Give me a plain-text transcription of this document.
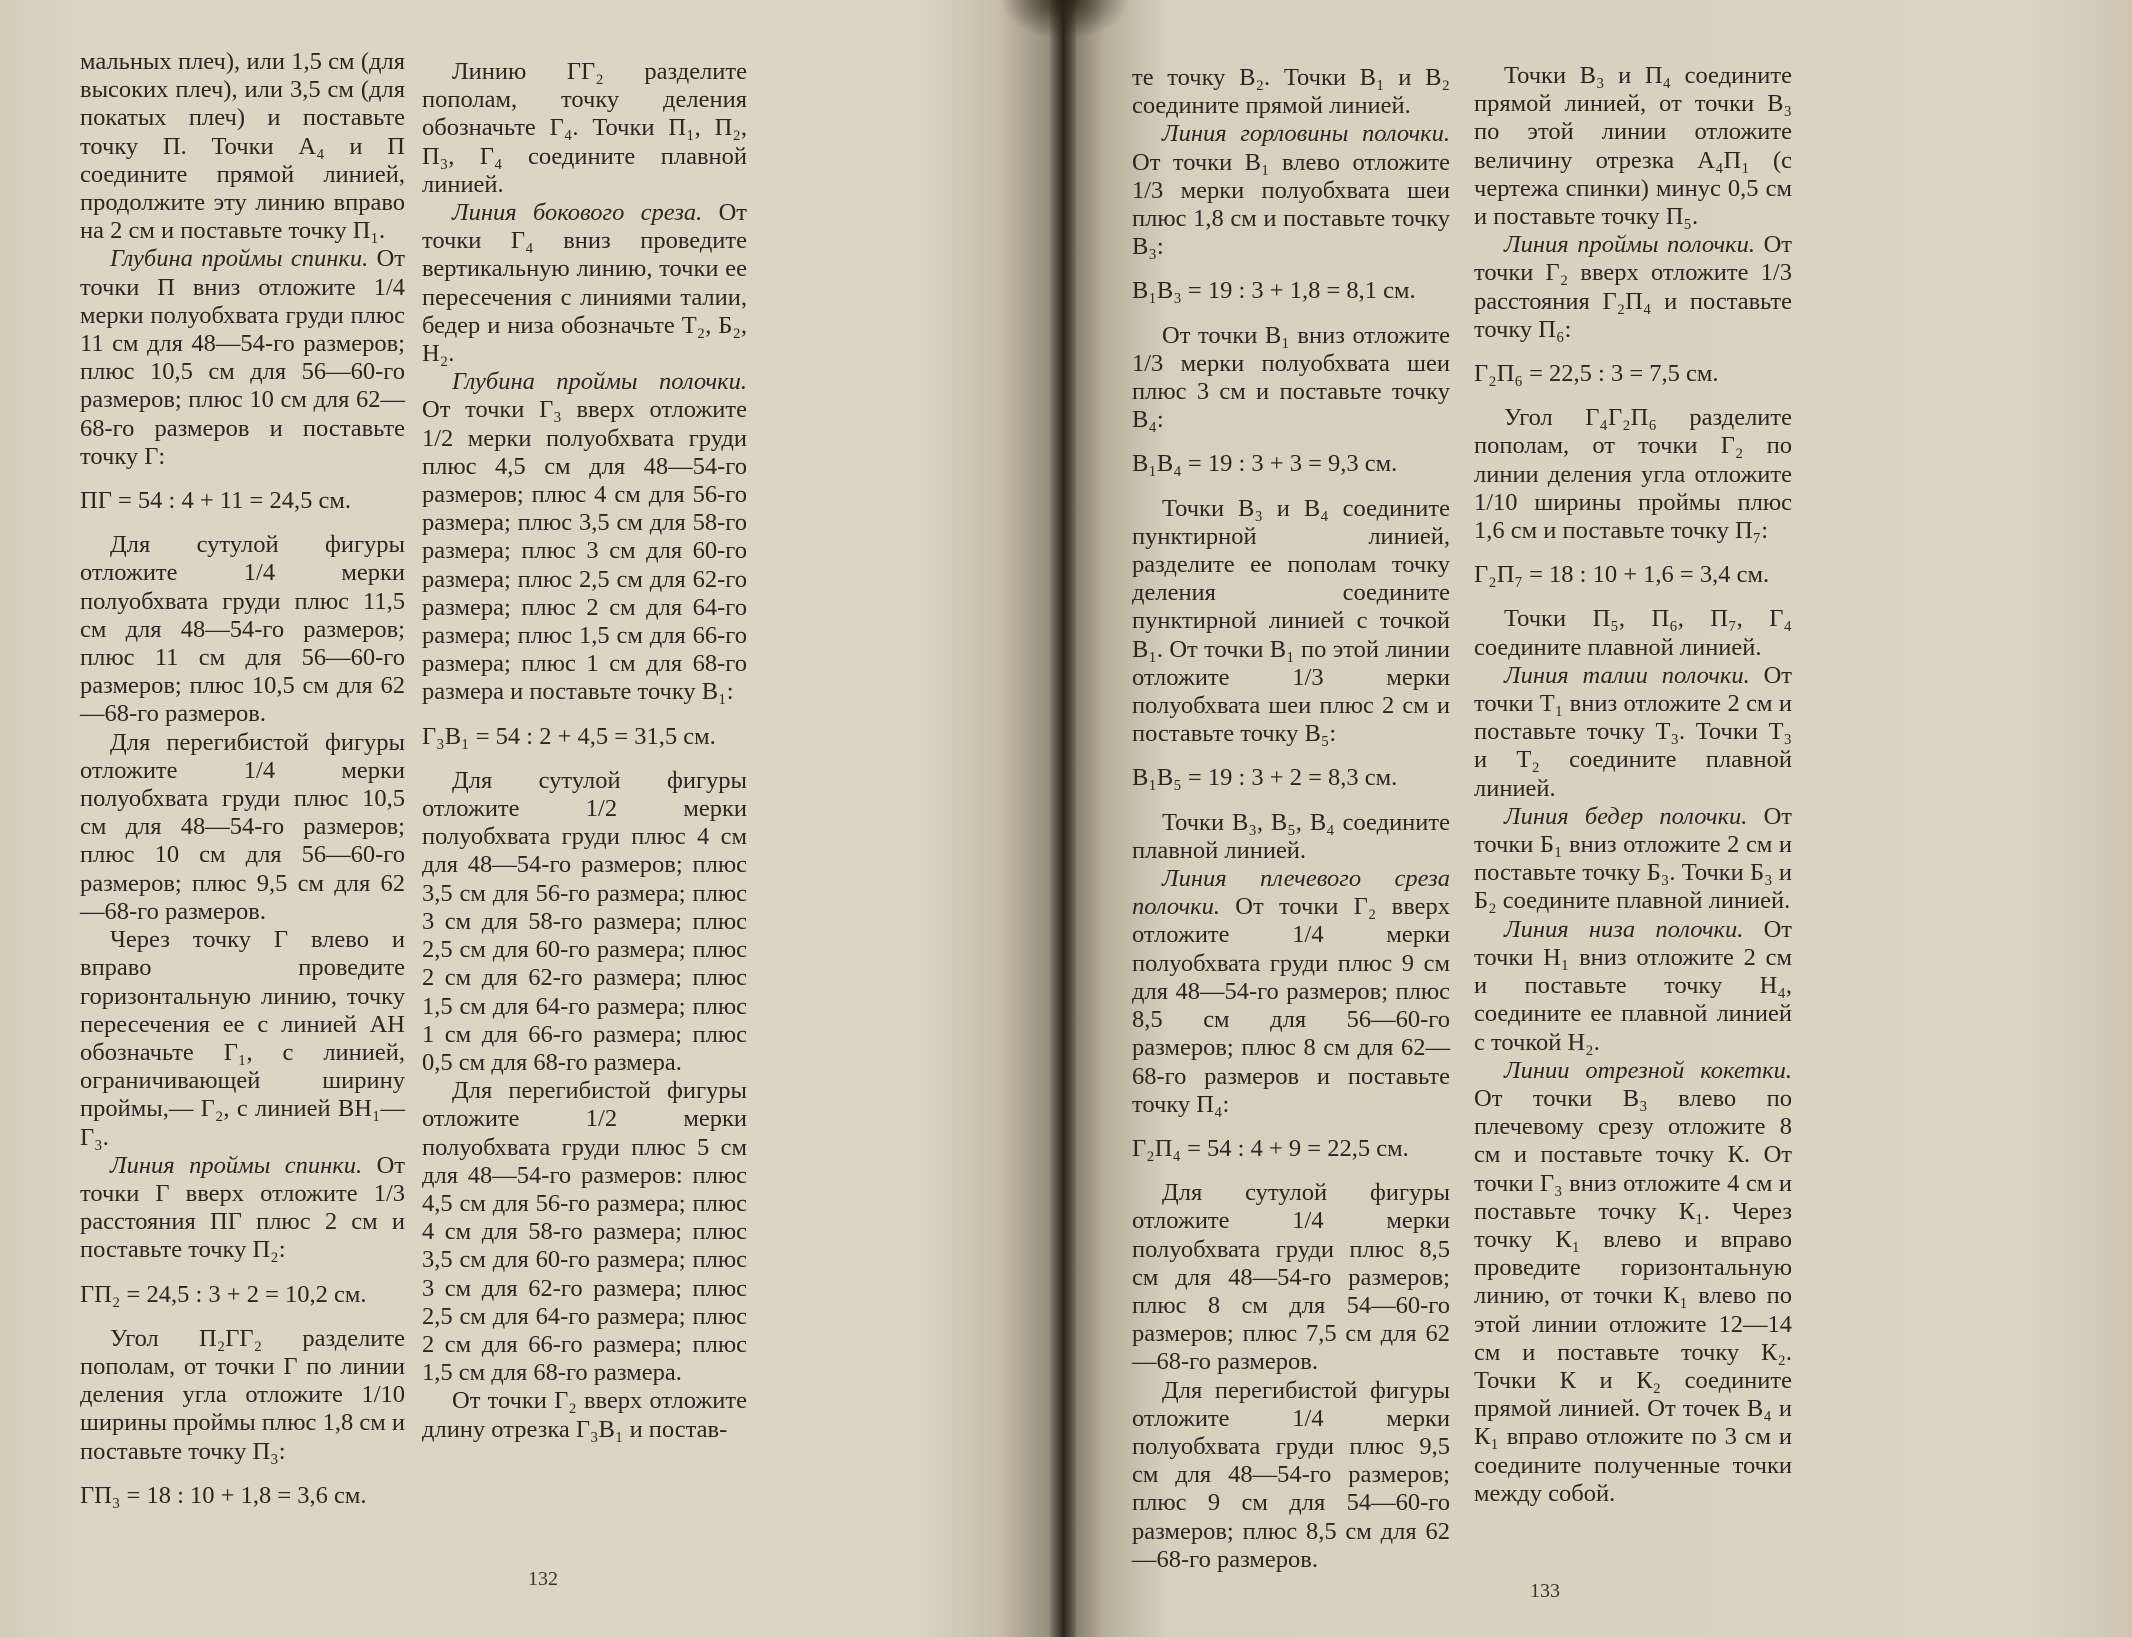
мальных плеч), или 1,5 см (для высоких плеч), или 3,5 см (для покатых плеч) и поставьте точку П. Точки А₄ и П соедините прямой линией, продолжите эту линию вправо на 2 см и поставьте точку П₁.

Глубина проймы спинки. От точки П вниз отложите 1/4 мерки полуобхвата груди плюс 11 см для 48—54-го размеров; плюс 10,5 см для 56—60-го размеров; плюс 10 см для 62—68-го размеров и поставьте точку Г:

ПГ = 54 : 4 + 11 = 24,5 см.

Для сутулой фигуры отложите 1/4 мерки полуобхвата груди плюс 11,5 см для 48—54-го размеров; плюс 11 см для 56—60-го размеров; плюс 10,5 см для 62—68-го размеров.

Для перегибистой фигуры отложите 1/4 мерки полуобхвата груди плюс 10,5 см для 48—54-го размеров; плюс 10 см для 56—60-го размеров; плюс 9,5 см для 62—68-го размеров.

Через точку Г влево и вправо проведите горизонтальную линию, точку пересечения ее с линией АН обозначьте Г₁, с линией, ограничивающей ширину проймы,— Г₂, с линией ВН₁—Г₃.

Линия проймы спинки. От точки Г вверх отложите 1/3 расстояния ПГ плюс 2 см и поставьте точку П₂:

ГП₂ = 24,5 : 3 + 2 = 10,2 см.

Угол П₂ГГ₂ разделите пополам, от точки Г по линии деления угла отложите 1/10 ширины проймы плюс 1,8 см и поставьте точку П₃:

ГП₃ = 18 : 10 + 1,8 = 3,6 см.

Линию ГГ₂ разделите пополам, точку деления обозначьте Г₄. Точки П₁, П₂, П₃, Г₄ соедините плавной линией.

Линия бокового среза. От точки Г₄ вниз проведите вертикальную линию, точки ее пересечения с линиями талии, бедер и низа обозначьте Т₂, Б₂, Н₂.

Глубина проймы полочки. От точки Г₃ вверх отложите 1/2 мерки полуобхвата груди плюс 4,5 см для 48—54-го размеров; плюс 4 см для 56-го размера; плюс 3,5 см для 58-го размера; плюс 3 см для 60-го размера; плюс 2,5 см для 62-го размера; плюс 2 см для 64-го размера; плюс 1,5 см для 66-го размера; плюс 1 см для 68-го размера и поставьте точку В₁:

Г₃В₁ = 54 : 2 + 4,5 = 31,5 см.

Для сутулой фигуры отложите 1/2 мерки полуобхвата груди плюс 4 см для 48—54-го размеров; плюс 3,5 см для 56-го размера; плюс 3 см для 58-го размера; плюс 2,5 см для 60-го размера; плюс 2 см для 62-го размера; плюс 1,5 см для 64-го размера; плюс 1 см для 66-го размера; плюс 0,5 см для 68-го размера.

Для перегибистой фигуры отложите 1/2 мерки полуобхвата груди плюс 5 см для 48—54-го размеров: плюс 4,5 см для 56-го размера; плюс 4 см для 58-го размера; плюс 3,5 см для 60-го размера; плюс 3 см для 62-го размера; плюс 2,5 см для 64-го размера; плюс 2 см для 66-го размера; плюс 1,5 см для 68-го размера.

От точки Г₂ вверх отложите длину отрезка Г₃В₁ и постав-

132

те точку В₂. Точки В₁ и В₂ соедините прямой линией.

Линия горловины полочки. От точки В₁ влево отложите 1/3 мерки полуобхвата шеи плюс 1,8 см и поставьте точку В₃:

В₁В₃ = 19 : 3 + 1,8 = 8,1 см.

От точки В₁ вниз отложите 1/3 мерки полуобхвата шеи плюс 3 см и поставьте точку В₄:

В₁В₄ = 19 : 3 + 3 = 9,3 см.

Точки В₃ и В₄ соедините пунктирной линией, разделите ее пополам точку деления соедините пунктирной линией с точкой В₁. От точки В₁ по этой линии отложите 1/3 мерки полуобхвата шеи плюс 2 см и поставьте точку В₅:

В₁В₅ = 19 : 3 + 2 = 8,3 см.

Точки В₃, В₅, В₄ соедините плавной линией.

Линия плечевого среза полочки. От точки Г₂ вверх отложите 1/4 мерки полуобхвата груди плюс 9 см для 48—54-го размеров; плюс 8,5 см для 56—60-го размеров; плюс 8 см для 62—68-го размеров и поставьте точку П₄:

Г₂П₄ = 54 : 4 + 9 = 22,5 см.

Для сутулой фигуры отложите 1/4 мерки полуобхвата груди плюс 8,5 см для 48—54-го размеров; плюс 8 см для 54—60-го размеров; плюс 7,5 см для 62—68-го размеров.

Для перегибистой фигуры отложите 1/4 мерки полуобхвата груди плюс 9,5 см для 48—54-го размеров; плюс 9 см для 54—60-го размеров; плюс 8,5 см для 62—68-го размеров.

Точки В₃ и П₄ соедините прямой линией, от точки В₃ по этой линии отложите величину отрезка А₄П₁ (с чертежа спинки) минус 0,5 см и поставьте точку П₅.

Линия проймы полочки. От точки Г₂ вверх отложите 1/3 расстояния Г₂П₄ и поставьте точку П₆:

Г₂П₆ = 22,5 : 3 = 7,5 см.

Угол Г₄Г₂П₆ разделите пополам, от точки Г₂ по линии деления угла отложите 1/10 ширины проймы плюс 1,6 см и поставьте точку П₇:

Г₂П₇ = 18 : 10 + 1,6 = 3,4 см.

Точки П₅, П₆, П₇, Г₄ соедините плавной линией.

Линия талии полочки. От точки Т₁ вниз отложите 2 см и поставьте точку Т₃. Точки Т₃ и Т₂ соедините плавной линией.

Линия бедер полочки. От точки Б₁ вниз отложите 2 см и поставьте точку Б₃. Точки Б₃ и Б₂ соедините плавной линией.

Линия низа полочки. От точки Н₁ вниз отложите 2 см и поставьте точку Н₄, соедините ее плавной линией с точкой Н₂.

Линии отрезной кокетки. От точки В₃ влево по плечевому срезу отложите 8 см и поставьте точку К. От точки Г₃ вниз отложите 4 см и поставьте точку К₁. Через точку К₁ влево и вправо проведите горизонтальную линию, от точки К₁ влево по этой линии отложите 12—14 см и поставьте точку К₂. Точки К и К₂ соедините прямой линией. От точек В₄ и К₁ вправо отложите по 3 см и соедините полученные точки между собой.

133
